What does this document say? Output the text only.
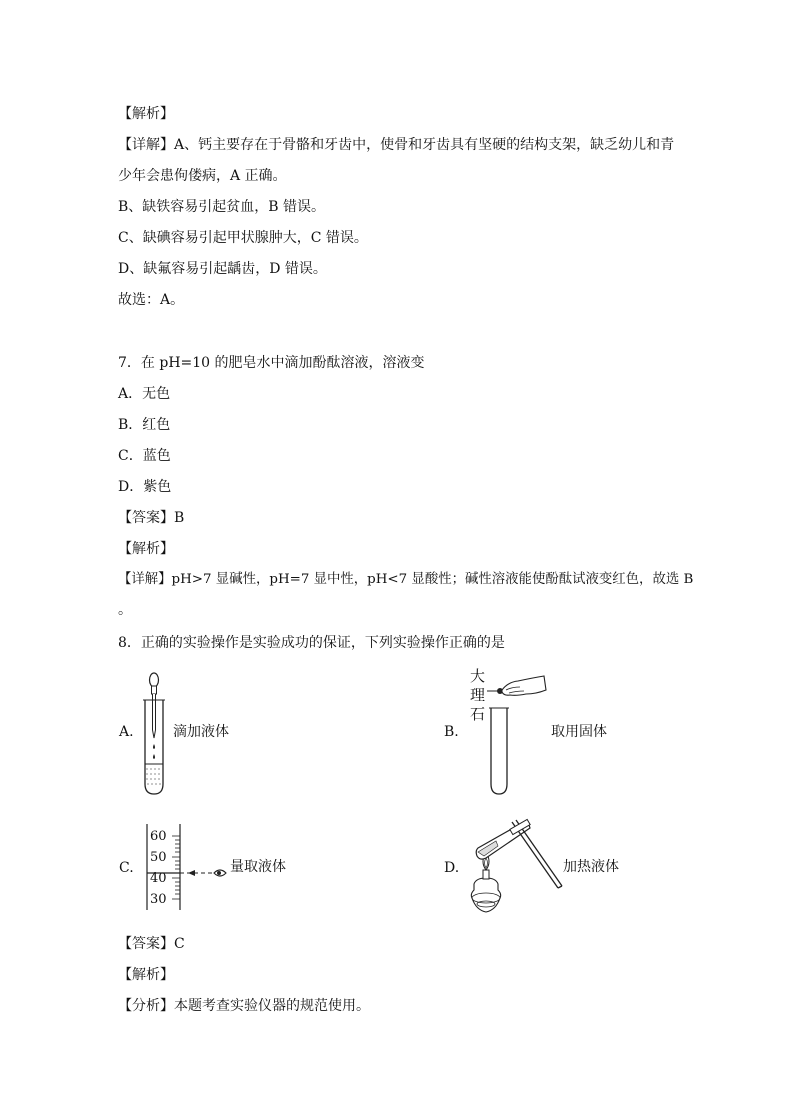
【解析】
【详解】A、钙主要存在于骨骼和牙齿中，使骨和牙齿具有坚硬的结构支架，缺乏幼儿和青
少年会患佝偻病，A 正确。
B、缺铁容易引起贫血，B 错误。
C、缺碘容易引起甲状腺肿大，C 错误。
D、缺氟容易引起龋齿，D 错误。
故选：A。
7．在 pH=10 的肥皂水中滴加酚酞溶液，溶液变
A．无色
B．红色
C．蓝色
D．紫色
【答案】B
【解析】
【详解】pH>7 显碱性，pH=7 显中性，pH<7 显酸性；碱性溶液能使酚酞试液变红色，故选 B
。
8．正确的实验操作是实验成功的保证，下列实验操作正确的是
A.	滴加液体	B.
大
理
石
取用固体
C.
60
50
40
30
量取液体	D.	加热液体
【答案】C
【解析】
【分析】本题考查实验仪器的规范使用。
